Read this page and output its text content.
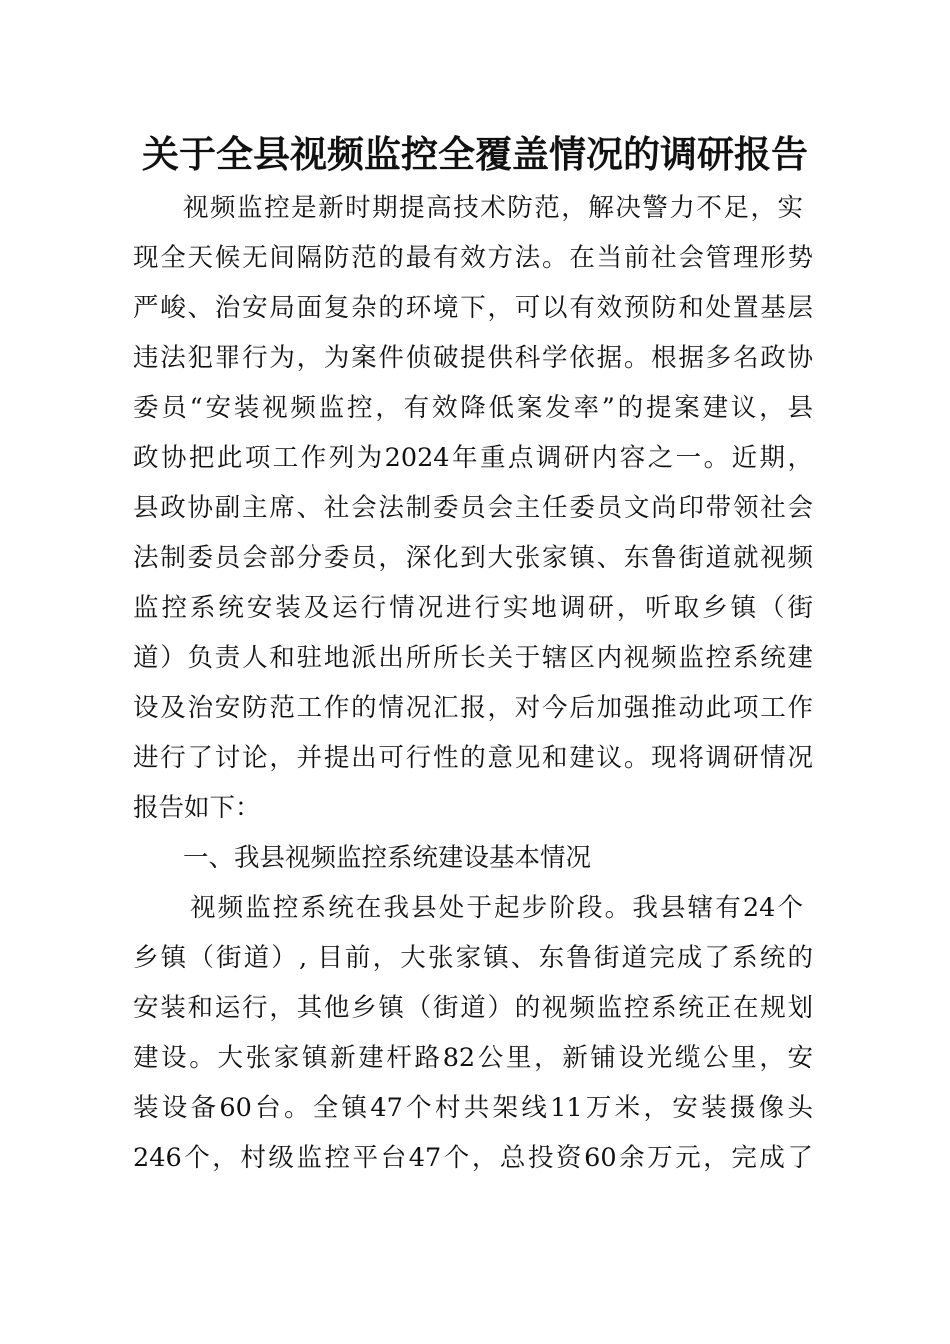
关于全县视频监控全覆盖情况的调研报告
视频监控是新时期提高技术防范，解决警力不足，实
现全天候无间隔防范的最有效方法。在当前社会管理形势
严峻、治安局面复杂的环境下，可以有效预防和处置基层
违法犯罪行为，为案件侦破提供科学依据。根据多名政协
委员“安装视频监控，有效降低案发率”的提案建议，县
政协把此项工作列为2024年重点调研内容之一。近期，
县政协副主席、社会法制委员会主任委员文尚印带领社会
法制委员会部分委员，深化到大张家镇、东鲁街道就视频
监控系统安装及运行情况进行实地调研，听取乡镇（街
道）负责人和驻地派出所所长关于辖区内视频监控系统建
设及治安防范工作的情况汇报，对今后加强推动此项工作
进行了讨论，并提出可行性的意见和建议。现将调研情况
报告如下：
一、我县视频监控系统建设基本情况
视频监控系统在我县处于起步阶段。我县辖有24个
乡镇（街道）, 目前，大张家镇、东鲁街道完成了系统的
安装和运行，其他乡镇（街道）的视频监控系统正在规划
建设。大张家镇新建杆路82公里，新铺设光缆公里，安
装设备60台。全镇47个村共架线11万米，安装摄像头
246个，村级监控平台47个，总投资60余万元，完成了
